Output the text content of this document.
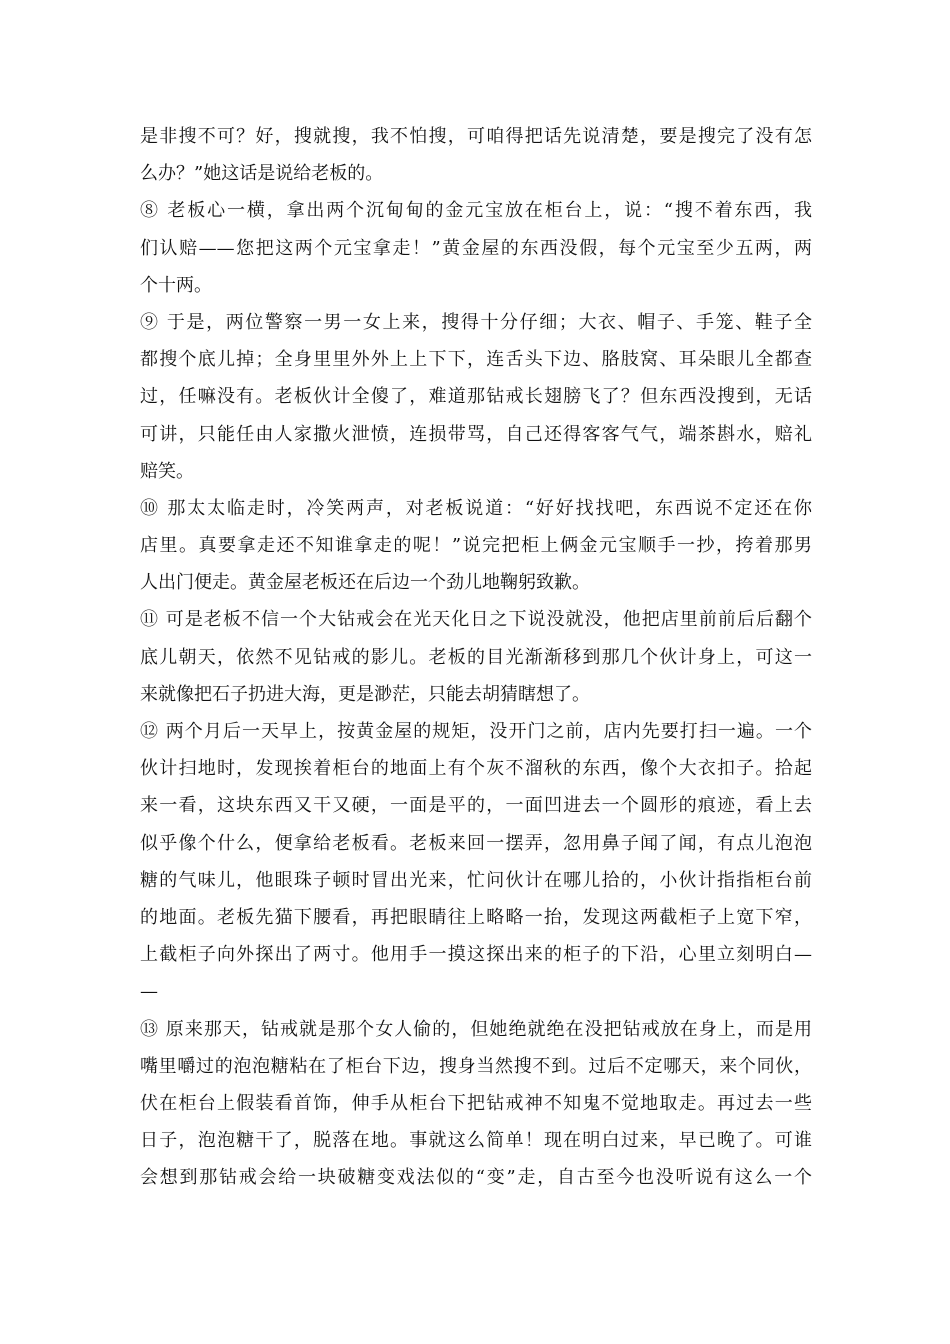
是非搜不可？好，搜就搜，我不怕搜，可咱得把话先说清楚，要是搜完了没有怎
么办？”她这话是说给老板的。
⑧ 老板心一横，拿出两个沉甸甸的金元宝放在柜台上，说：“搜不着东西，我
们认赔——您把这两个元宝拿走！”黄金屋的东西没假，每个元宝至少五两，两
个十两。
⑨ 于是，两位警察一男一女上来，搜得十分仔细；大衣、帽子、手笼、鞋子全
都搜个底儿掉；全身里里外外上上下下，连舌头下边、胳肢窝、耳朵眼儿全都查
过，任嘛没有。老板伙计全傻了，难道那钻戒长翅膀飞了？但东西没搜到，无话
可讲，只能任由人家撒火泄愤，连损带骂，自己还得客客气气，端茶斟水，赔礼
赔笑。
⑩ 那太太临走时，冷笑两声，对老板说道：“好好找找吧，东西说不定还在你
店里。真要拿走还不知谁拿走的呢！”说完把柜上俩金元宝顺手一抄，挎着那男
人出门便走。黄金屋老板还在后边一个劲儿地鞠躬致歉。
⑪ 可是老板不信一个大钻戒会在光天化日之下说没就没，他把店里前前后后翻个
底儿朝天，依然不见钻戒的影儿。老板的目光渐渐移到那几个伙计身上，可这一
来就像把石子扔进大海，更是渺茫，只能去胡猜瞎想了。
⑫ 两个月后一天早上，按黄金屋的规矩，没开门之前，店内先要打扫一遍。一个
伙计扫地时，发现挨着柜台的地面上有个灰不溜秋的东西，像个大衣扣子。拾起
来一看，这块东西又干又硬，一面是平的，一面凹进去一个圆形的痕迹，看上去
似乎像个什么，便拿给老板看。老板来回一摆弄，忽用鼻子闻了闻，有点儿泡泡
糖的气味儿，他眼珠子顿时冒出光来，忙问伙计在哪儿拾的，小伙计指指柜台前
的地面。老板先猫下腰看，再把眼睛往上略略一抬，发现这两截柜子上宽下窄，
上截柜子向外探出了两寸。他用手一摸这探出来的柜子的下沿，心里立刻明白—
—
⑬ 原来那天，钻戒就是那个女人偷的，但她绝就绝在没把钻戒放在身上，而是用
嘴里嚼过的泡泡糖粘在了柜台下边，搜身当然搜不到。过后不定哪天，来个同伙，
伏在柜台上假装看首饰，伸手从柜台下把钻戒神不知鬼不觉地取走。再过去一些
日子，泡泡糖干了，脱落在地。事就这么简单！现在明白过来，早已晚了。可谁
会想到那钻戒会给一块破糖变戏法似的“变”走，自古至今也没听说有这么一个
